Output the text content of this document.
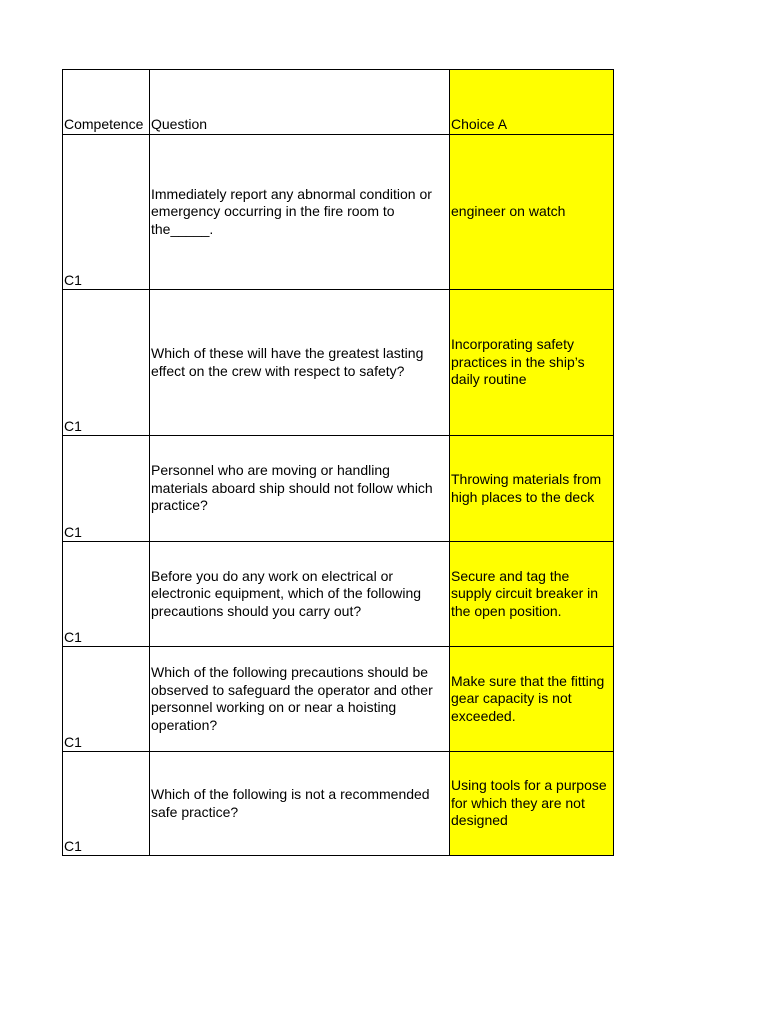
Competence	Question	Choice A
C1	Immediately report any abnormal condition or emergency occurring in the fire room to the_____.	engineer on watch
C1	Which of these will have the greatest lasting effect on the crew with respect to safety?	Incorporating safety practices in the ship’s daily routine
C1	Personnel who are moving or handling materials aboard ship should not follow which practice?	Throwing materials from high places to the deck
C1	Before you do any work on electrical or electronic equipment, which of the following precautions should you carry out?	Secure and tag the supply circuit breaker in the open position.
C1	Which of the following precautions should be observed to safeguard the operator and other personnel working on or near a hoisting operation?	Make sure that the fitting gear capacity is not exceeded.
C1	Which of the following is not a recommended safe practice?	Using tools for a purpose for which they are not designed
